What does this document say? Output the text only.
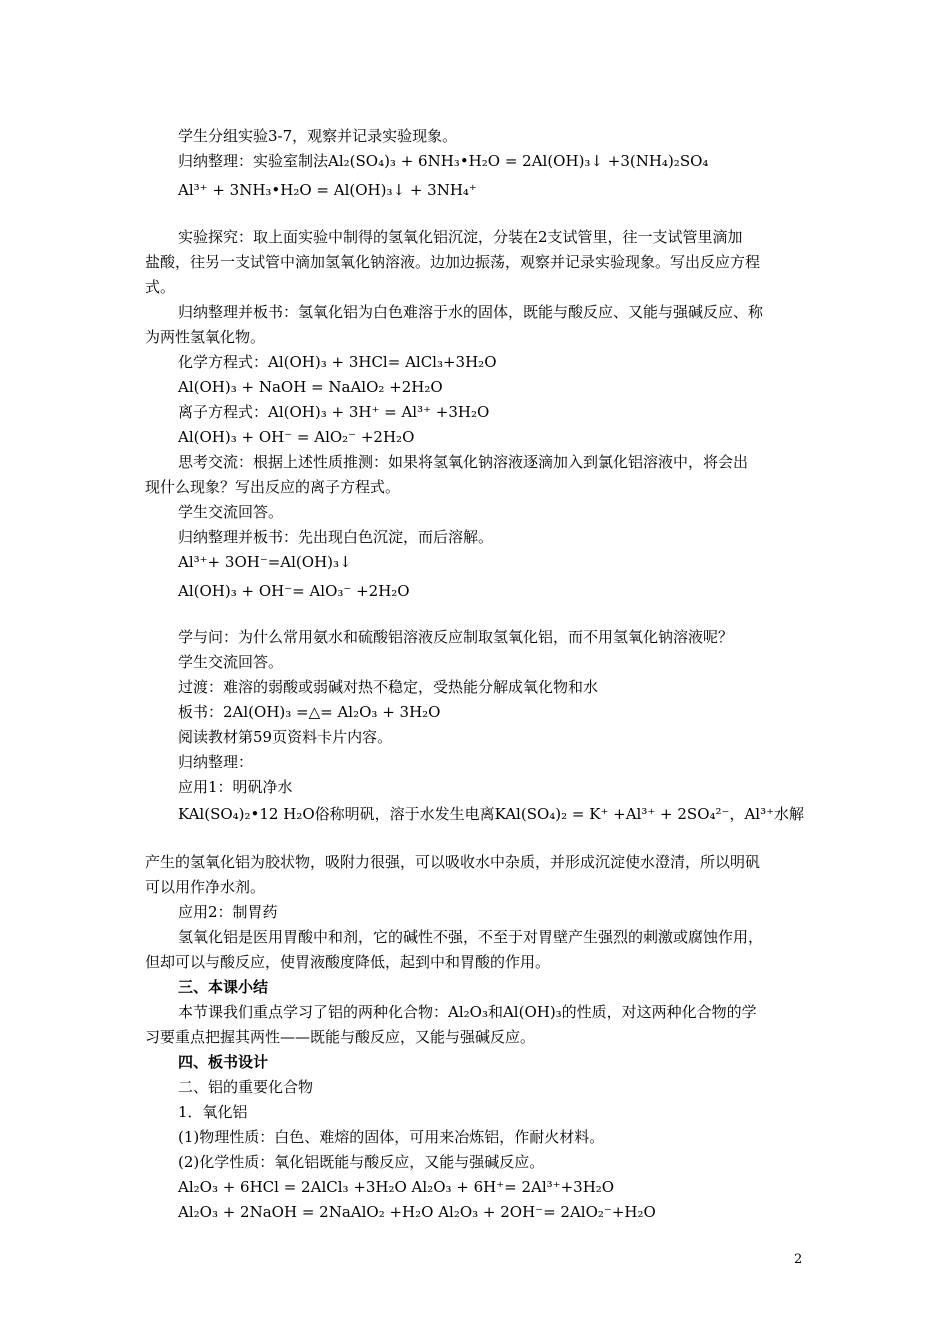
学生分组实验3-7，观察并记录实验现象。
归纳整理：实验室制法Al₂(SO₄)₃ + 6NH₃•H₂O = 2Al(OH)₃↓ +3(NH₄)₂SO₄
Al³⁺ + 3NH₃•H₂O = Al(OH)₃↓ + 3NH₄⁺
实验探究：取上面实验中制得的氢氧化铝沉淀，分装在2支试管里，往一支试管里滴加
盐酸，往另一支试管中滴加氢氧化钠溶液。边加边振荡，观察并记录实验现象。写出反应方程
式。
归纳整理并板书：氢氧化铝为白色难溶于水的固体，既能与酸反应、又能与强碱反应、称
为两性氢氧化物。
化学方程式：Al(OH)₃ + 3HCl= AlCl₃+3H₂O
Al(OH)₃ + NaOH = NaAlO₂ +2H₂O
离子方程式：Al(OH)₃ + 3H⁺ = Al³⁺ +3H₂O
Al(OH)₃ + OH⁻ = AlO₂⁻ +2H₂O
思考交流：根据上述性质推测：如果将氢氧化钠溶液逐滴加入到氯化铝溶液中，将会出
现什么现象？写出反应的离子方程式。
学生交流回答。
归纳整理并板书：先出现白色沉淀，而后溶解。
Al³⁺+ 3OH⁻=Al(OH)₃↓
Al(OH)₃ + OH⁻= AlO₃⁻ +2H₂O
学与问：为什么常用氨水和硫酸铝溶液反应制取氢氧化铝，而不用氢氧化钠溶液呢？
学生交流回答。
过渡：难溶的弱酸或弱碱对热不稳定，受热能分解成氧化物和水
板书：2Al(OH)₃ =△= Al₂O₃ + 3H₂O
阅读教材第59页资料卡片内容。
归纳整理：
应用1：明矾净水
KAl(SO₄)₂•12 H₂O俗称明矾，溶于水发生电离KAl(SO₄)₂ = K⁺ +Al³⁺ + 2SO₄²⁻，Al³⁺水解
产生的氢氧化铝为胶状物，吸附力很强，可以吸收水中杂质，并形成沉淀使水澄清，所以明矾
可以用作净水剂。
应用2：制胃药
氢氧化铝是医用胃酸中和剂，它的碱性不强，不至于对胃壁产生强烈的刺激或腐蚀作用，
但却可以与酸反应，使胃液酸度降低，起到中和胃酸的作用。
三、本课小结
本节课我们重点学习了铝的两种化合物：Al₂O₃和Al(OH)₃的性质，对这两种化合物的学
习要重点把握其两性——既能与酸反应，又能与强碱反应。
四、板书设计
二、铝的重要化合物
1．氧化铝
(1)物理性质：白色、难熔的固体，可用来冶炼铝，作耐火材料。
(2)化学性质：氧化铝既能与酸反应，又能与强碱反应。
Al₂O₃ + 6HCl = 2AlCl₃ +3H₂O Al₂O₃ + 6H⁺= 2Al³⁺+3H₂O
Al₂O₃ + 2NaOH = 2NaAlO₂ +H₂O Al₂O₃ + 2OH⁻= 2AlO₂⁻+H₂O
2
